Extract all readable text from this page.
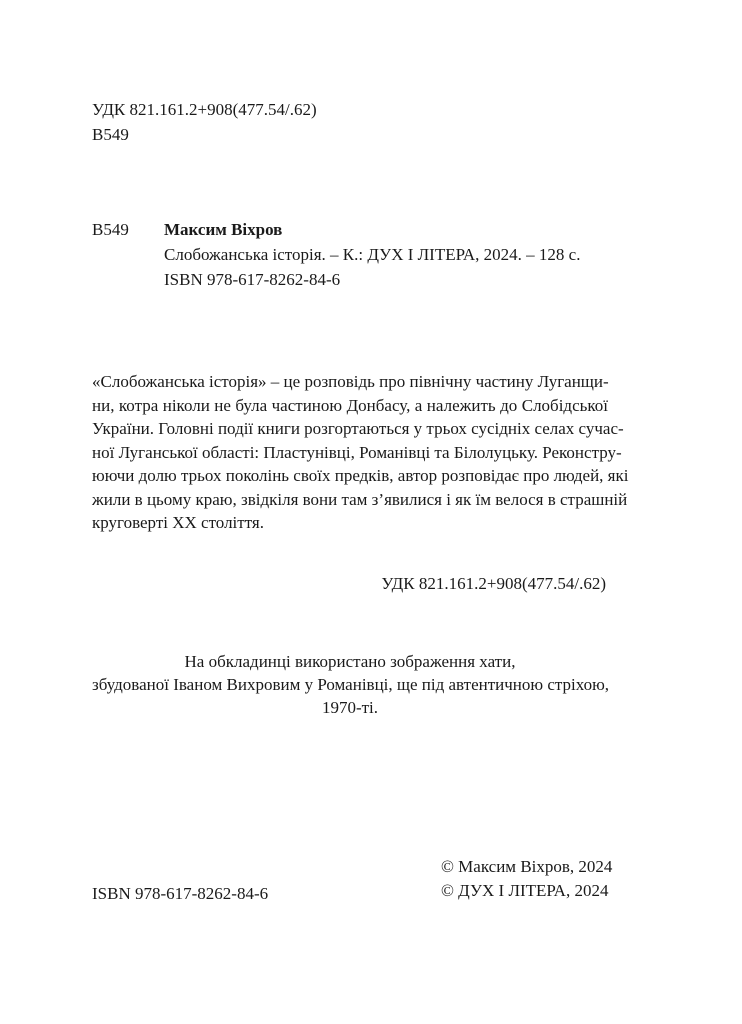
УДК 821.161.2+908(477.54/.62)
В549
В549 Максим Віхров
Слобожанська історія. – К.: ДУХ І ЛІТЕРА, 2024. – 128 с.
ISBN 978-617-8262-84-6
«Слобожанська історія» – це розповідь про північну частину Луганщи-
ни, котра ніколи не була частиною Донбасу, а належить до Слобідської
України. Головні події книги розгортаються у трьох сусідніх селах сучас-
ної Луганської області: Пластунівці, Романівці та Білолуцьку. Реконстру-
юючи долю трьох поколінь своїх предків, автор розповідає про людей, які
жили в цьому краю, звідкіля вони там з’явилися і як їм велося в страшній
круговерті ХХ століття.
УДК 821.161.2+908(477.54/.62)
На обкладинці використано зображення хати,
збудованої Іваном Вихровим у Романівці, ще під автентичною стріхою,
1970-ті.
ISBN 978-617-8262-84-6
© Максим Віхров, 2024
© ДУХ І ЛІТЕРА, 2024
